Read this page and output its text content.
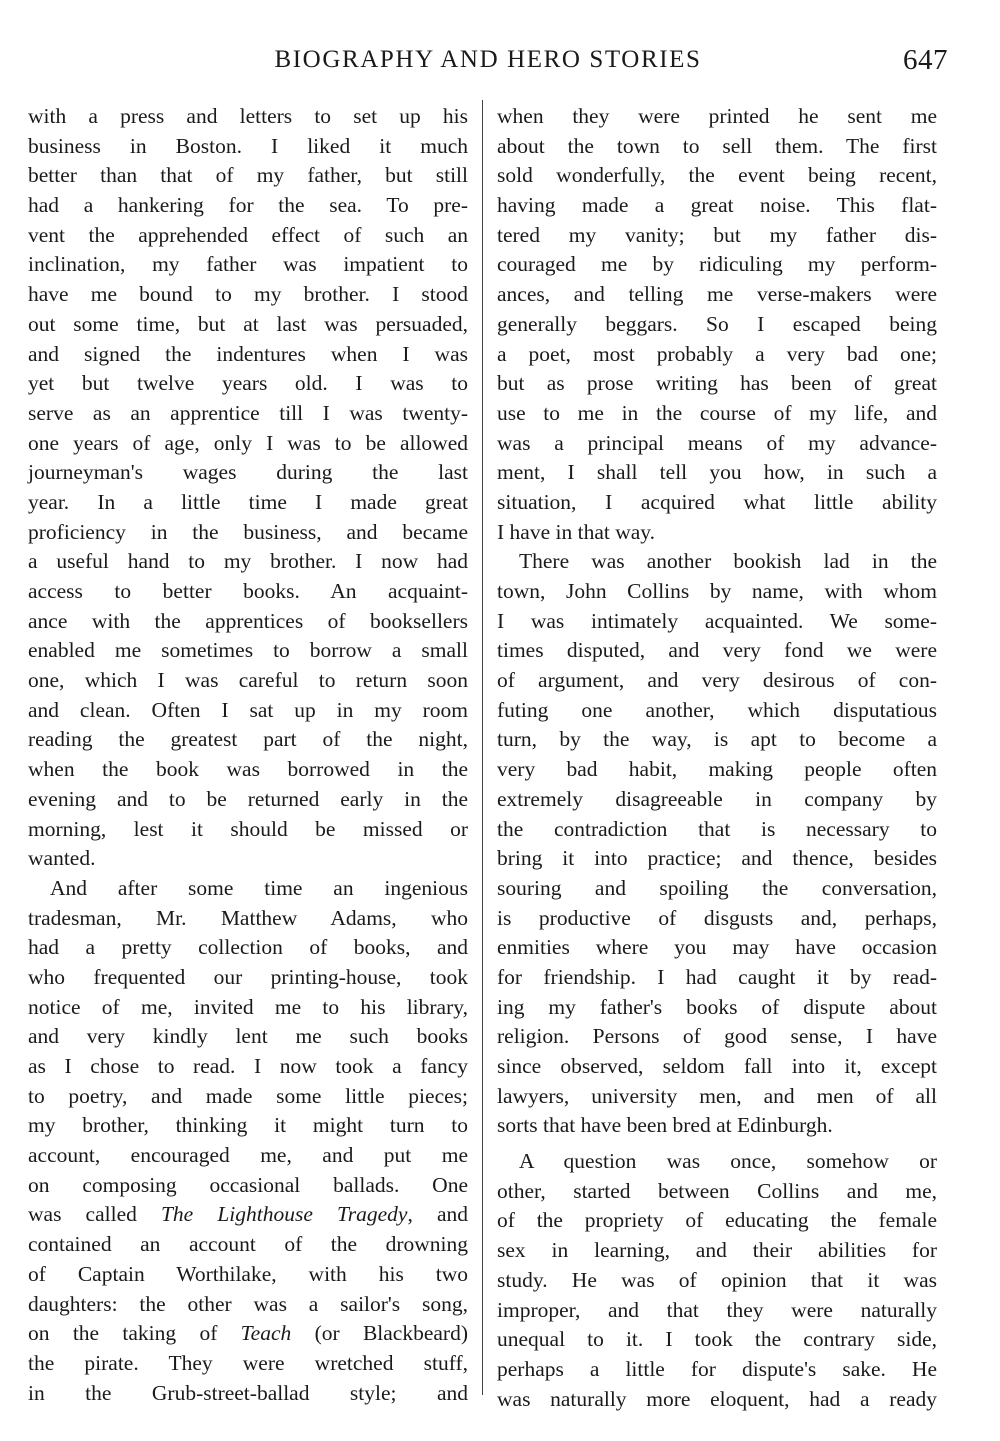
BIOGRAPHY AND HERO STORIES	647
with a press and letters to set up his
business in Boston. I liked it much
better than that of my father, but still
had a hankering for the sea. To pre-
vent the apprehended effect of such an
inclination, my father was impatient to
have me bound to my brother. I stood
out some time, but at last was persuaded,
and signed the indentures when I was
yet but twelve years old. I was to
serve as an apprentice till I was twenty-
one years of age, only I was to be allowed
journeyman's wages during the last
year. In a little time I made great
proficiency in the business, and became
a useful hand to my brother. I now had
access to better books. An acquaint-
ance with the apprentices of booksellers
enabled me sometimes to borrow a small
one, which I was careful to return soon
and clean. Often I sat up in my room
reading the greatest part of the night,
when the book was borrowed in the
evening and to be returned early in the
morning, lest it should be missed or
wanted.
And after some time an ingenious
tradesman, Mr. Matthew Adams, who
had a pretty collection of books, and
who frequented our printing-house, took
notice of me, invited me to his library,
and very kindly lent me such books
as I chose to read. I now took a fancy
to poetry, and made some little pieces;
my brother, thinking it might turn to
account, encouraged me, and put me
on composing occasional ballads. One
was called The Lighthouse Tragedy, and
contained an account of the drowning
of Captain Worthilake, with his two
daughters: the other was a sailor's song,
on the taking of Teach (or Blackbeard)
the pirate. They were wretched stuff,
in the Grub-street-ballad style; and
when they were printed he sent me
about the town to sell them. The first
sold wonderfully, the event being recent,
having made a great noise. This flat-
tered my vanity; but my father dis-
couraged me by ridiculing my perform-
ances, and telling me verse-makers were
generally beggars. So I escaped being
a poet, most probably a very bad one;
but as prose writing has been of great
use to me in the course of my life, and
was a principal means of my advance-
ment, I shall tell you how, in such a
situation, I acquired what little ability
I have in that way.
There was another bookish lad in the
town, John Collins by name, with whom
I was intimately acquainted. We some-
times disputed, and very fond we were
of argument, and very desirous of con-
futing one another, which disputatious
turn, by the way, is apt to become a
very bad habit, making people often
extremely disagreeable in company by
the contradiction that is necessary to
bring it into practice; and thence, besides
souring and spoiling the conversation,
is productive of disgusts and, perhaps,
enmities where you may have occasion
for friendship. I had caught it by read-
ing my father's books of dispute about
religion. Persons of good sense, I have
since observed, seldom fall into it, except
lawyers, university men, and men of all
sorts that have been bred at Edinburgh.
A question was once, somehow or
other, started between Collins and me,
of the propriety of educating the female
sex in learning, and their abilities for
study. He was of opinion that it was
improper, and that they were naturally
unequal to it. I took the contrary side,
perhaps a little for dispute's sake. He
was naturally more eloquent, had a ready
